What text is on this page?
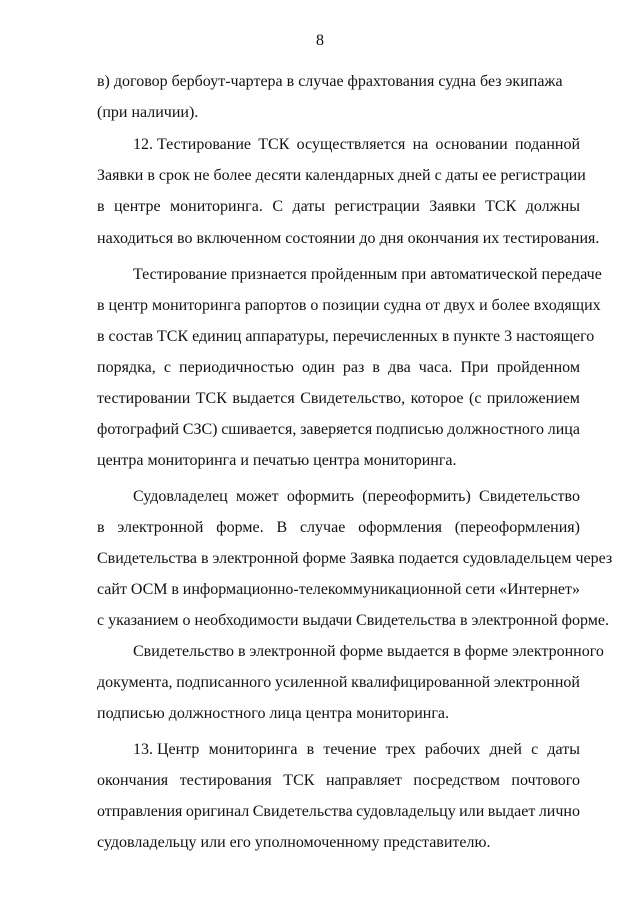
8
в) договор бербоут-чартера в случае фрахтования судна без экипажа
(при наличии).
12. Тестирование ТСК осуществляется на основании поданной
Заявки в срок не более десяти календарных дней с даты ее регистрации
в центре мониторинга. С даты регистрации Заявки ТСК должны
находиться во включенном состоянии до дня окончания их тестирования.
Тестирование признается пройденным при автоматической передаче
в центр мониторинга рапортов о позиции судна от двух и более входящих
в состав ТСК единиц аппаратуры, перечисленных в пункте 3 настоящего
порядка, с периодичностью один раз в два часа. При пройденном
тестировании ТСК выдается Свидетельство, которое (с приложением
фотографий СЗС) сшивается, заверяется подписью должностного лица
центра мониторинга и печатью центра мониторинга.
Судовладелец может оформить (переоформить) Свидетельство
в электронной форме. В случае оформления (переоформления)
Свидетельства в электронной форме Заявка подается судовладельцем через
сайт ОСМ в информационно-телекоммуникационной сети «Интернет»
с указанием о необходимости выдачи Свидетельства в электронной форме.
Свидетельство в электронной форме выдается в форме электронного
документа, подписанного усиленной квалифицированной электронной
подписью должностного лица центра мониторинга.
13. Центр мониторинга в течение трех рабочих дней с даты
окончания тестирования ТСК направляет посредством почтового
отправления оригинал Свидетельства судовладельцу или выдает лично
судовладельцу или его уполномоченному представителю.
